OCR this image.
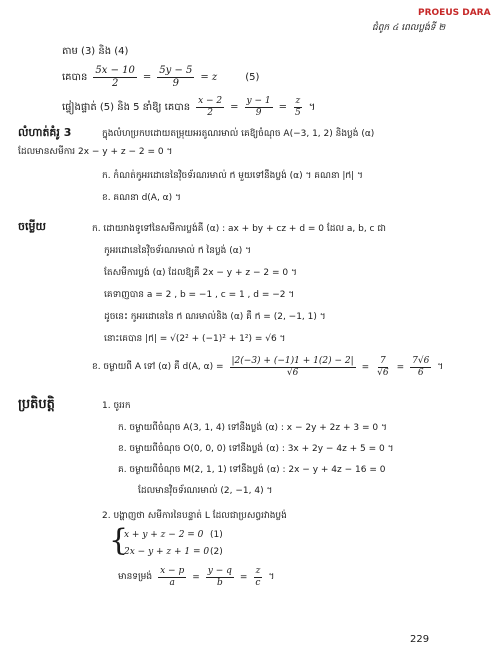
PROEUS DARA
ជំពូក ៤ ពេលប្លង់ទី ២
តាម (3) និង (4)
គេបាន $\frac{5x - 10}{2} = \frac{5y - 5}{9} = z$	(5)
ផ្ទៀងផ្ទាត់ (5) និង 5 នាំឱ្យ គេបាន $\frac{x - 2}{2} = \frac{y - 1}{9} = \frac{z}{5}$ ។
លំហាត់គំរូ 3	ក្នុងលំហប្រកបដោយតម្រុយអរតូណរមាល់ គេឱ្យចំណុច A(−3, 1, 2) និងប្លង់ (α)
ដែលមានសមីការ 2x − y + z − 2 = 0 ។
ក. កំណត់កូអរដោនេនៃវ៉ិចទ័រណរមាល់ n⃗ មួយទៅនឹងប្លង់ (α) ។ គណនា |n⃗| ។
ខ. គណនា d(A, α) ។
ចម្លើយ	ក. ដោយរាងទូទៅនៃសមីការប្លង់គឺ (α) : ax + by + cz + d = 0 ដែល a, b, c ជា
កូអរដោនេនៃវ៉ិចទ័រណរមាល់ n⃗ នៃប្លង់ (α) ។
តែសមីការប្លង់ (α) ដែលឱ្យគឺ 2x − y + z − 2 = 0 ។
គេទាញបាន a = 2 , b = −1 , c = 1 , d = −2 ។
ដូចនេះ កូអរដោនេនៃ n⃗ ណរមាល់និង (α) គឺ n⃗ = (2, −1, 1) ។
នោះគេបាន |n⃗| = √(2² + (−1)² + 1²) = √6 ។
ខ. ចម្ងាយពី A ទៅ (α) គឺ d(A, $\alpha) = \frac{|2(-3) + (-1)1 + 1(2) - 2|}{√6} = \frac{7}{√6} = \frac{7√6}{6}$ ។
ប្រតិបត្តិ	1. ចូររក
ក. ចម្ងាយពីចំណុច A(3, 1, 4) ទៅនឹងប្លង់ (α) : x − 2y + 2z + 3 = 0 ។
ខ. ចម្ងាយពីចំណុច O(0, 0, 0) ទៅនឹងប្លង់ (α) : 3x + 2y − 4z + 5 = 0 ។
គ. ចម្ងាយពីចំណុច M(2, 1, 1) ទៅនឹងប្លង់ (α) : 2x − y + 4z − 16 = 0
ដែលមានវ៉ិចទ័រណរមាល់ (2, −1, 4) ។
2. បង្ហាញថា សមីការនៃបន្ទាត់ L ដែលជាប្រសព្វរវាងប្លង់
{
x + y + z − 2 = 0 (1)
2x − y + z + 1 = 0 (2)
មានទម្រង់ $\frac{x - p}{a} = \frac{y - q}{b} = \frac{z}{c}$ ។
229
